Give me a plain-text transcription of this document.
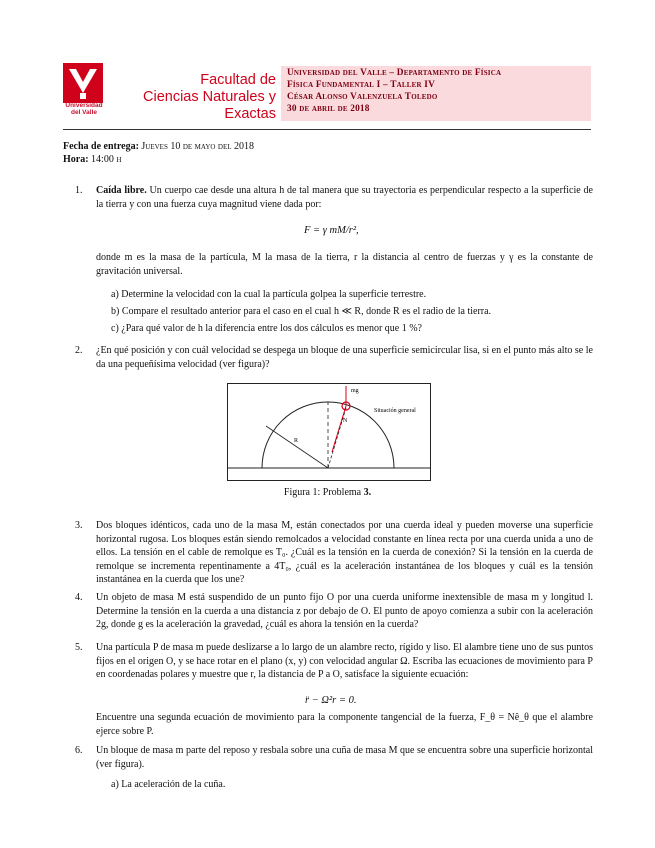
Universidad del Valle
Facultad de
Ciencias Naturales y Exactas
Universidad del Valle – Departamento de Física
Física Fundamental I – Taller IV
César Alonso Valenzuela Toledo
30 de abril de 2018
Fecha de entrega: Jueves 10 de mayo del 2018
Hora: 14:00 h
1.	Caída libre. Un cuerpo cae desde una altura h de tal manera que su trayectoria es perpendicular respecto a la superficie de la tierra y con una fuerza cuya magnitud viene dada por:
F = γ mM/r²,
donde m es la masa de la partícula, M la masa de la tierra, r la distancia al centro de fuerzas y γ es la constante de gravitación universal.
a) Determine la velocidad con la cual la partícula golpea la superficie terrestre.
b) Compare el resultado anterior para el caso en el cual h ≪ R, donde R es el radio de la tierra.
c) ¿Para qué valor de h la diferencia entre los dos cálculos es menor que 1 %?
2.	¿En qué posición y con cuál velocidad se despega un bloque de una superficie semicircular lisa, si en el punto más alto se le da una pequeñísima velocidad (ver figura)?
mg
N
R
Situación general
Figura 1: Problema 3.
3.	Dos bloques idénticos, cada uno de la masa M, están conectados por una cuerda ideal y pueden moverse una superficie horizontal rugosa. Los bloques están siendo remolcados a velocidad constante en línea recta por una cuerda unida a uno de ellos. La tensión en el cable de remolque es T₀. ¿Cuál es la tensión en la cuerda de conexión? Si la tensión en la cuerda de remolque se incrementa repentinamente a 4T₀, ¿cuál es la aceleración instantánea de los bloques y cuál es la tensión instantánea en la cuerda que los une?
4.	Un objeto de masa M está suspendido de un punto fijo O por una cuerda uniforme inextensible de masa m y longitud l. Determine la tensión en la cuerda a una distancia z por debajo de O. El punto de apoyo comienza a subir con la aceleración 2g, donde g es la aceleración la gravedad, ¿cuál es ahora la tensión en la cuerda?
5.	Una partícula P de masa m puede deslizarse a lo largo de un alambre recto, rígido y liso. El alambre tiene uno de sus puntos fijos en el origen O, y se hace rotar en el plano (x, y) con velocidad angular Ω. Escriba las ecuaciones de movimiento para P en coordenadas polares y muestre que r, la distancia de P a O, satisface la siguiente ecuación:
r̈ − Ω²r = 0.
Encuentre una segunda ecuación de movimiento para la componente tangencial de la fuerza, F_θ = Nê_θ que el alambre ejerce sobre P.
6.	Un bloque de masa m parte del reposo y resbala sobre una cuña de masa M que se encuentra sobre una superficie horizontal (ver figura).
a) La aceleración de la cuña.
